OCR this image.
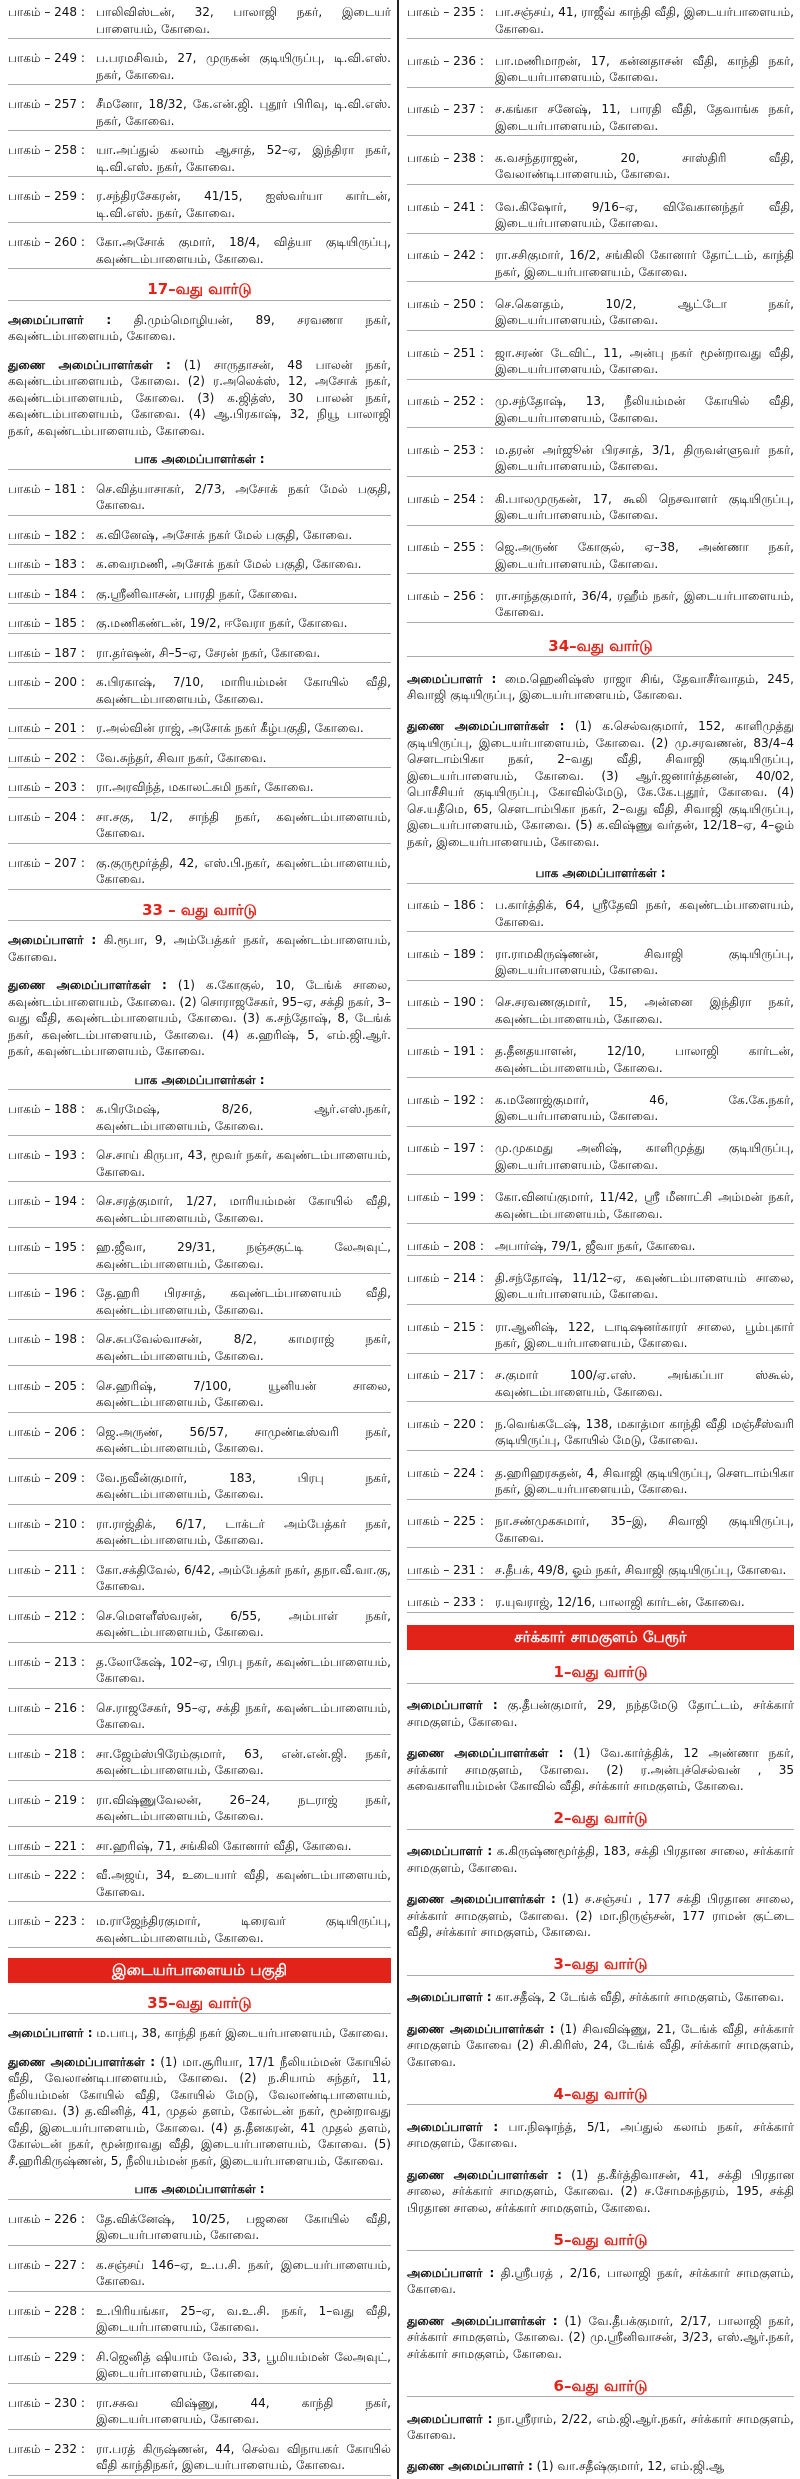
பாகம் – 248 : பாலிவிஸ்டன், 32, பாலாஜி நகர், இடையர் பாளையம், கோவை.
பாகம் – 249 : ப.பரமசிவம், 27, முருகன் குடியிருப்பு, டி.வி.எஸ். நகர், கோவை.
பாகம் – 257 : சீமனோ, 18/32, கே.என்.ஜி. புதூர் பிரிவு, டி.வி.எஸ். நகர், கோவை.
பாகம் – 258 : யா.அப்துல் கலாம் ஆசாத், 52–ஏ, இந்திரா நகர், டி.வி.எஸ். நகர், கோவை.
பாகம் – 259 : ர.சந்திரசேகரன், 41/15, ஐஸ்வர்யா கார்டன், டி.வி.எஸ். நகர், கோவை.
பாகம் – 260 : கோ.அசோக் குமார், 18/4, வித்யா குடியிருப்பு, கவுண்டம்பாளையம், கோவை.
17–வது வார்டு
அமைப்பாளர் : தி.மும்மொழியன், 89, சரவணா நகர், கவுண்டம்பாளையம், கோவை.
துணை அமைப்பாளர்கள் : (1) சாருதாசன், 48 பாலன் நகர், கவுண்டம்பாளையம், கோவை. (2) ர.அலெக்ஸ், 12, அசோக் நகர், கவுண்டம்பாளையம், கோவை. (3) க.ஜித்ஸ், 30 பாலன் நகர், கவுண்டம்பாளையம், கோவை. (4) ஆ.பிரகாஷ், 32, நியூ பாலாஜி நகர், கவுண்டம்பாளையம், கோவை.
பாக அமைப்பாளர்கள் :
பாகம் – 181 : செ.வித்யாசாகர், 2/73, அசோக் நகர் மேல் பகுதி, கோவை.
பாகம் – 182 : க.வினேஷ், அசோக் நகர் மேல் பகுதி, கோவை.
பாகம் – 183 : க.வைரமணி, அசோக் நகர் மேல் பகுதி, கோவை.
பாகம் – 184 : கு.ஸ்ரீனிவாசன், பாரதி நகர், கோவை.
பாகம் – 185 : கு.மணிகண்டன், 19/2, ஈவேரா நகர், கோவை.
பாகம் – 187 : ரா.தர்ஷன், சி–5–ஏ, சேரன் நகர், கோவை.
பாகம் – 200 : க.பிரகாஷ், 7/10, மாரியம்மன் கோயில் வீதி, கவுண்டம்பாளையம், கோவை.
பாகம் – 201 : ர.அல்வின் ராஜ், அசோக் நகர் கீழ்பகுதி, கோவை.
பாகம் – 202 : வே.சுந்தர், சிவா நகர், கோவை.
பாகம் – 203 : ரா.அரவிந்த், மகாலட்சுமி நகர், கோவை.
பாகம் – 204 : சா.சகு, 1/2, சாந்தி நகர், கவுண்டம்பாளையம், கோவை.
பாகம் – 207 : கு.குருமூர்த்தி, 42, எஸ்.பி.நகர், கவுண்டம்பாளையம், கோவை.
33 – வது வார்டு
அமைப்பாளர் : கி.ரூபா, 9, அம்பேத்கர் நகர், கவுண்டம்பாளையம், கோவை.
துணை அமைப்பாளர்கள் : (1) க.கோகுல், 10, டேங்க் சாலை, கவுண்டம்பாளையம், கோவை. (2) சொராஜசேகர், 95–ஏ, சக்தி நகர், 3–வது வீதி, கவுண்டம்பாளையம், கோவை. (3) க.சந்தோஷ், 8, டேங்க் நகர், கவுண்டம்பாளையம், கோவை. (4) க.ஹரிஷ், 5, எம்.ஜி.ஆர். நகர், கவுண்டம்பாளையம், கோவை.
பாக அமைப்பாளர்கள் :
பாகம் – 188 : க.பிரமேஷ், 8/26, ஆர்.எஸ்.நகர், கவுண்டம்பாளையம், கோவை.
பாகம் – 193 : செ.சாய் கிருபா, 43, மூவர் நகர், கவுண்டம்பாளையம், கோவை.
பாகம் – 194 : செ.சரத்குமார், 1/27, மாரியம்மன் கோயில் வீதி, கவுண்டம்பாளையம், கோவை.
பாகம் – 195 : ஹ.ஜீவா, 29/31, நஞ்சகுட்டி லேஅவுட், கவுண்டம்பாளையம், கோவை.
பாகம் – 196 : தே.ஹரி பிரசாத், கவுண்டம்பாளையம் வீதி, கவுண்டம்பாளையம், கோவை.
பாகம் – 198 : செ.சுபவேல்வாசன், 8/2, காமராஜ் நகர், கவுண்டம்பாளையம், கோவை.
பாகம் – 205 : செ.ஹரிஷ், 7/100, யூனியன் சாலை, கவுண்டம்பாளையம், கோவை.
பாகம் – 206 : ஜெ.அருண், 56/57, சாமுண்டீஸ்வரி நகர், கவுண்டம்பாளையம், கோவை.
பாகம் – 209 : வே.நவீன்குமார், 183, பிரபு நகர், கவுண்டம்பாளையம், கோவை.
பாகம் – 210 : ரா.ராஜ்திக், 6/17, டாக்டர் அம்பேத்கர் நகர், கவுண்டம்பாளையம், கோவை.
பாகம் – 211 : கோ.சக்திவேல், 6/42, அம்பேத்கர் நகர், தநா.வீ.வா.கு, கோவை.
பாகம் – 212 : செ.மௌளீஸ்வரன், 6/55, அம்பாள் நகர், கவுண்டம்பாளையம், கோவை.
பாகம் – 213 : த.லோகேஷ், 102–ஏ, பிரபு நகர், கவுண்டம்பாளையம், கோவை.
பாகம் – 216 : செ.ராஜசேகர், 95–ஏ, சக்தி நகர், கவுண்டம்பாளையம், கோவை.
பாகம் – 218 : சா.ஜேம்ஸ்பிரேம்குமார், 63, என்.என்.ஜி. நகர், கவுண்டம்பாளையம், கோவை.
பாகம் – 219 : ரா.விஷ்ணுவேலன், 26–24, நடராஜ் நகர், கவுண்டம்பாளையம், கோவை.
பாகம் – 221 : சா.ஹரிஷ், 71, சங்கிலி கோனார் வீதி, கோவை.
பாகம் – 222 : வீ.அஜய், 34, உடையார் வீதி, கவுண்டம்பாளையம், கோவை.
பாகம் – 223 : ம.ராஜேந்திரகுமார், டிரைவர் குடியிருப்பு, கவுண்டம்பாளையம், கோவை.
இடையர்பாளையம் பகுதி
35–வது வார்டு
அமைப்பாளர் : ம.பாபு, 38, காந்தி நகர் இடையர்பாளையம், கோவை.
துணை அமைப்பாளர்கள் : (1) மா.சூரியா, 17/1 நீலியம்மன் கோயில் வீதி, வேலாண்டிபாளையம், கோவை. (2) ந.சியாம் சுந்தர், 11, நீலியம்மன் கோயில் வீதி, கோயில் மேடு, வேலாண்டிபாளையம், கோவை. (3) த.வினித், 41, முதல் தளம், கோல்டன் நகர், மூன்றாவது வீதி, இடையர்பாளையம், கோவை. (4) த.தீனகரன், 41 முதல் தளம், கோல்டன் நகர், மூன்றாவது வீதி, இடையர்பாளையம், கோவை. (5) சீ.ஹரிகிருஷ்ணன், 5, நீலியம்மன் நகர், இடையர்பாளையம், கோவை.
பாக அமைப்பாளர்கள் :
பாகம் – 226 : தே.விக்னேஷ், 10/25, பஜனை கோயில் வீதி, இடையர்பாளையம், கோவை.
பாகம் – 227 : க.சஞ்சய் 146–ஏ, உ.ப.சி. நகர், இடையர்பாளையம், கோவை.
பாகம் – 228 : உ.பிரியங்கா, 25–ஏ, வ.உ.சி. நகர், 1–வது வீதி, இடையர்பாளையம், கோவை.
பாகம் – 229 : சி.ஜெனித் ஷியாம் வேல், 33, பூமியம்மன் லேஅவுட், இடையர்பாளையம், கோவை.
பாகம் – 230 : ரா.சசுவ விஷ்ணு, 44, காந்தி நகர், இடையர்பாளையம், கோவை.
பாகம் – 232 : ரா.பரத் கிருஷ்ணன், 44, செல்வ விநாயகர் கோயில் வீதி காந்திநகர், இடையர்பாளையம், கோவை.
பாகம் – 235 : பா.சஞ்சய், 41, ராஜீவ் காந்தி வீதி, இடையர்பாளையம், கோவை.
பாகம் – 236 : பா.மணிமாறன், 17, கன்னதாசன் வீதி, காந்தி நகர், இடையர்பாளையம், கோவை.
பாகம் – 237 : ச.கங்கா சனேஷ், 11, பாரதி வீதி, தேவாங்க நகர், இடையர்பாளையம், கோவை.
பாகம் – 238 : க.வசந்தராஜன், 20, சாஸ்திரி வீதி, வேலாண்டிபாளையம், கோவை.
பாகம் – 241 : வே.கிஷோர், 9/16–ஏ, விவேகானந்தர் வீதி, இடையர்பாளையம், கோவை.
பாகம் – 242 : ரா.சசிகுமார், 16/2, சங்கிலி கோனார் தோட்டம், காந்தி நகர், இடையர்பாளையம், கோவை.
பாகம் – 250 : செ.கௌதம், 10/2, ஆட்டோ நகர், இடையர்பாளையம், கோவை.
பாகம் – 251 : ஜா.சரண் டேவிட், 11, அன்பு நகர் மூன்றாவது வீதி, இடையர்பாளையம், கோவை.
பாகம் – 252 : மு.சந்தோஷ், 13, நீலியம்மன் கோயில் வீதி, இடையர்பாளையம், கோவை.
பாகம் – 253 : ம.தரன் அர்ஜூன் பிரசாத், 3/1, திருவள்ளுவர் நகர், இடையர்பாளையம், கோவை.
பாகம் – 254 : கி.பாலமுருகன், 17, கூலி நெசவாளர் குடியிருப்பு, இடையர்பாளையம், கோவை.
பாகம் – 255 : ஜெ.அருண் கோகுல், ஏ–38, அண்ணா நகர், இடையர்பாளையம், கோவை.
பாகம் – 256 : ரா.சாந்தகுமார், 36/4, ரஹீம் நகர், இடையர்பாளையம், கோவை.
34–வது வார்டு
அமைப்பாளர் : மை.ஹெனிஷ்ஸ் ராஜா சிங், தேவாசீர்வாதம், 245, சிவாஜி குடியிருப்பு, இடையர்பாளையம், கோவை.
துணை அமைப்பாளர்கள் : (1) க.செல்வகுமார், 152, காளிமுத்து குடியிருப்பு, இடையர்பாளையம், கோவை. (2) மு.சரவணன், 83/4–4 சௌடாம்பிகா நகர், 2–வது வீதி, சிவாஜி குடியிருப்பு, இடையர்பாளையம், கோவை. (3) ஆர்.ஜனார்த்தனன், 40/02, பொசீசியர் குடியிருப்பு, கோவில்மேடு, கே.கே.புதூர், கோவை. (4) செ.யதீமெ, 65, சௌடாம்பிகா நகர், 2–வது வீதி, சிவாஜி குடியிருப்பு, இடையர்பாளையம், கோவை. (5) க.விஷ்ணு வர்தன், 12/18–ஏ, 4–ஓம் நகர், இடையர்பாளையம், கோவை.
பாக அமைப்பாளர்கள் :
பாகம் – 186 : ப.கார்த்திக், 64, ஸ்ரீதேவி நகர், கவுண்டம்பாளையம், கோவை.
பாகம் – 189 : ரா.ராமகிருஷ்ணன், சிவாஜி குடியிருப்பு, இடையர்பாளையம், கோவை.
பாகம் – 190 : செ.சரவணகுமார், 15, அன்னை இந்திரா நகர், கவுண்டம்பாளையம், கோவை.
பாகம் – 191 : த.தீனதயாளன், 12/10, பாலாஜி கார்டன், கவுண்டம்பாளையம், கோவை.
பாகம் – 192 : க.மனோஜ்குமார், 46, கே.கே.நகர், இடையர்பாளையம், கோவை.
பாகம் – 197 : மு.முகமது அனிஷ், காளிமுத்து குடியிருப்பு, இடையர்பாளையம், கோவை.
பாகம் – 199 : கோ.வினய்குமார், 11/42, ஸ்ரீ மீனாட்சி அம்மன் நகர், கவுண்டம்பாளையம், கோவை.
பாகம் – 208 : அபார்ஷ், 79/1, ஜீவா நகர், கோவை.
பாகம் – 214 : தி.சந்தோஷ், 11/12–ஏ, கவுண்டம்பாளையம் சாலை, இடையர்பாளையம், கோவை.
பாகம் – 215 : ரா.ஆனிஷ், 122, டாடிஷனர்காரர் சாலை, பூம்புகார் நகர், இடையர்பாளையம், கோவை.
பாகம் – 217 : ச.குமார் 100/ஏ.எஸ். அங்கப்பா ஸ்கூல், கவுண்டம்பாளையம், கோவை.
பாகம் – 220 : ந.வெங்கடேஷ், 138, மகாத்மா காந்தி வீதி மஞ்சீஸ்வரி குடியிருப்பு, கோயில் மேடு, கோவை.
பாகம் – 224 : த.ஹரிஹரசுதன், 4, சிவாஜி குடியிருப்பு, சௌடாம்பிகா நகர், இடையர்பாளையம், கோவை.
பாகம் – 225 : நா.சண்முகசுமார், 35–இ, சிவாஜி குடியிருப்பு, கோவை.
பாகம் – 231 : ச.தீபக், 49/8, ஓம் நகர், சிவாஜி குடியிருப்பு, கோவை.
பாகம் – 233 : ர.யுவராஜ், 12/16, பாலாஜி கார்டன், கோவை.
சர்க்கார் சாமகுளம் பேரூர்
1–வது வார்டு
அமைப்பாளர் : கு.தீபன்குமார், 29, நந்தமேடு தோட்டம், சர்க்கார் சாமகுளம், கோவை.
துணை அமைப்பாளர்கள் : (1) வே.கார்த்திக், 12 அண்ணா நகர், சர்க்கார் சாமகுளம், கோவை. (2) ர.அன்புச்செல்வன் , 35 கவைகாளியம்மன் கோவில் வீதி, சர்க்கார் சாமகுளம், கோவை.
2–வது வார்டு
அமைப்பாளர் : க.கிருஷ்ணமூர்த்தி, 183, சக்தி பிரதான சாலை, சர்க்கார் சாமகுளம், கோவை.
துணை அமைப்பாளர்கள் : (1) ச.சஞ்சய் , 177 சக்தி பிரதான சாலை, சர்க்கார் சாமகுளம், கோவை. (2) மா.நிருஞ்சன், 177 ராமன் குட்டை வீதி, சர்க்கார் சாமகுளம், கோவை.
3–வது வார்டு
அமைப்பாளர் : கா.சதீஷ், 2 டேங்க் வீதி, சர்க்கார் சாமகுளம், கோவை.
துணை அமைப்பாளர்கள் : (1) சிவவிஷ்ணு, 21, டேங்க் வீதி, சர்க்கார் சாமகுளம் கோவை (2) சி.கிரிஸ், 24, டேங்க் வீதி, சர்க்கார் சாமகுளம், கோவை.
4–வது வார்டு
அமைப்பாளர் : பா.நிஷாந்த், 5/1, அப்துல் கலாம் நகர், சர்க்கார் சாமகுளம், கோவை.
துணை அமைப்பாளர்கள் : (1) த.கீர்த்திவாசன், 41, சக்தி பிரதான சாலை, சர்க்கார் சாமகுளம், கோவை. (2) ச.சோமசுந்தரம், 195, சக்தி பிரதான சாலை, சர்க்கார் சாமகுளம், கோவை.
5–வது வார்டு
அமைப்பாளர் : தி.ஸ்ரீபரத் , 2/16, பாலாஜி நகர், சர்க்கார் சாமகுளம், கோவை.
துணை அமைப்பாளர்கள் : (1) வே.தீபக்குமார், 2/17, பாலாஜி நகர், சர்க்கார் சாமகுளம், கோவை. (2) மு.ஸ்ரீனிவாசன், 3/23, எஸ்.ஆர்.நகர், சர்க்கார் சாமகுளம், கோவை.
6–வது வார்டு
அமைப்பாளர் : நா.ஸ்ரீராம், 2/22, எம்.ஜி.ஆர்.நகர், சர்க்கார் சாமகுளம், கோவை.
துணை அமைப்பாளர் : (1) வா.சதீஷ்குமார், 12, எம்.ஜி.ஆ
